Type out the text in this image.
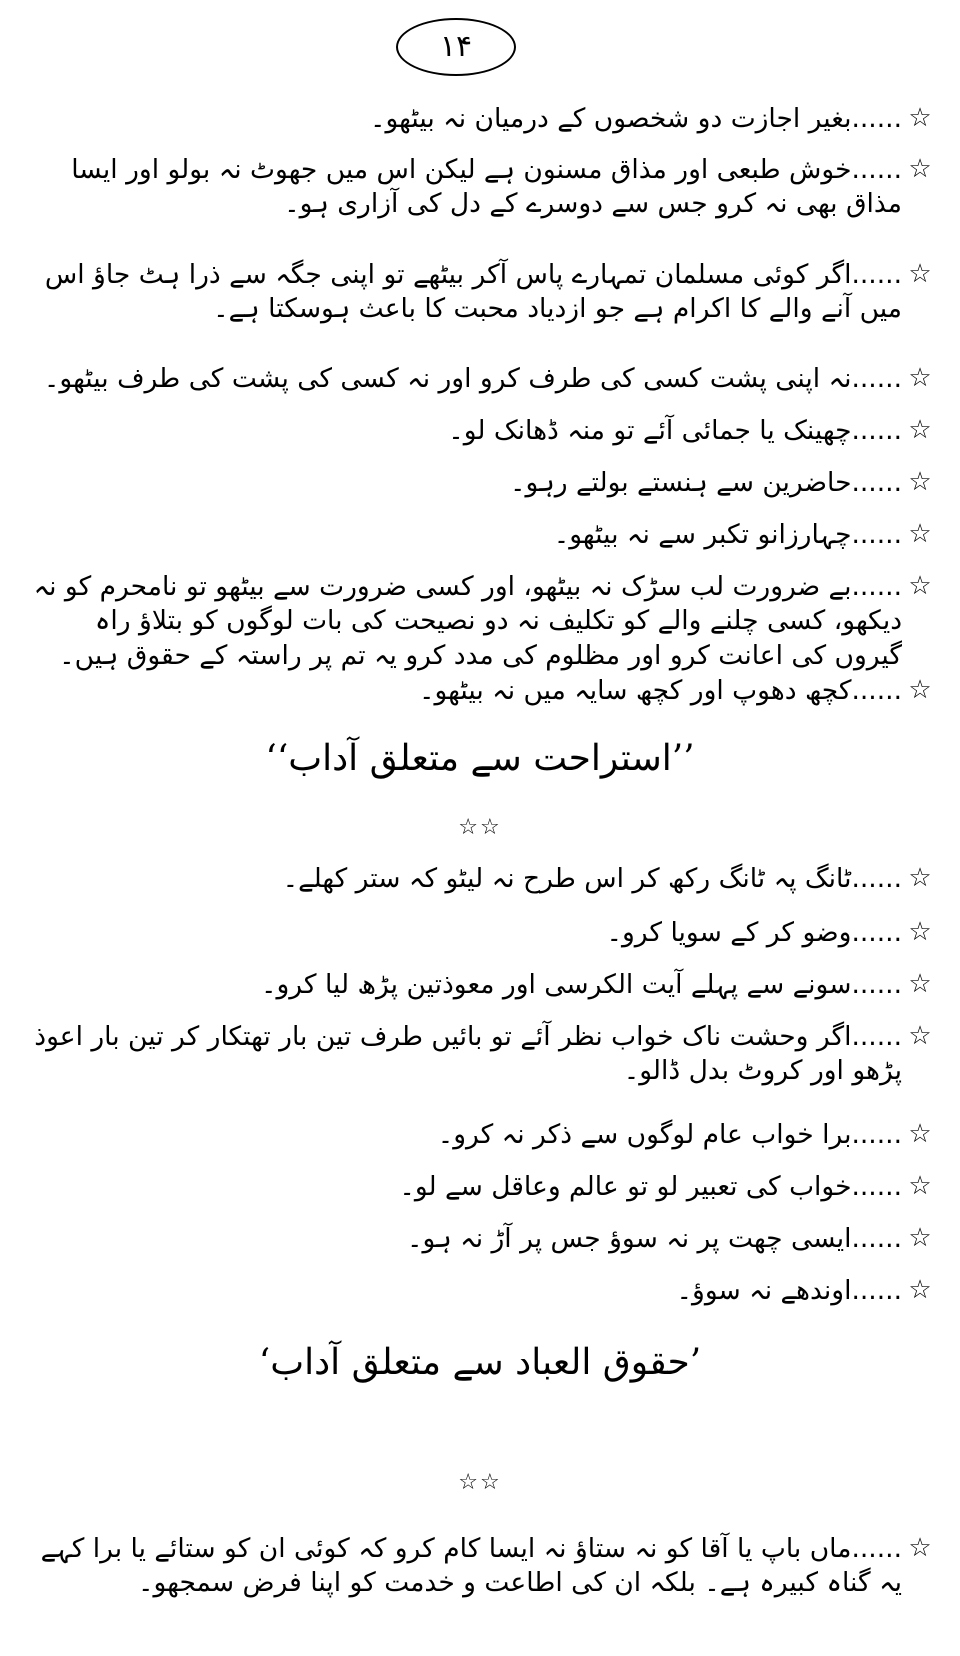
۱۴
☆
......بغیر اجازت دو شخصوں کے درمیان نہ بیٹھو۔
☆
......خوش طبعی اور مذاق مسنون ہے لیکن اس میں جھوٹ نہ بولو اور ایسا مذاق بھی نہ کرو جس سے دوسرے کے دل کی آزاری ہو۔
☆
......اگر کوئی مسلمان تمہارے پاس آکر بیٹھے تو اپنی جگہ سے ذرا ہٹ جاؤ اس میں آنے والے کا اکرام ہے جو ازدیاد محبت کا باعث ہوسکتا ہے۔
☆
......نہ اپنی پشت کسی کی طرف کرو اور نہ کسی کی پشت کی طرف بیٹھو۔
☆
......چھینک یا جمائی آئے تو منہ ڈھانک لو۔
☆
......حاضرین سے ہنستے بولتے رہو۔
☆
......چہارزانو تکبر سے نہ بیٹھو۔
☆
......بے ضرورت لب سڑک نہ بیٹھو، اور کسی ضرورت سے بیٹھو تو نامحرم کو نہ دیکھو، کسی چلنے والے کو تکلیف نہ دو نصیحت کی بات لوگوں کو بتلاؤ راہ گیروں کی اعانت کرو اور مظلوم کی مدد کرو یہ تم پر راستہ کے حقوق ہیں۔
☆
......کچھ دھوپ اور کچھ سایہ میں نہ بیٹھو۔
’’استراحت سے متعلق آداب‘‘
☆☆
☆
......ٹانگ پہ ٹانگ رکھ کر اس طرح نہ لیٹو کہ ستر کھلے۔
☆
......وضو کر کے سویا کرو۔
☆
......سونے سے پہلے آیت الکرسی اور معوذتین پڑھ لیا کرو۔
☆
......اگر وحشت ناک خواب نظر آئے تو بائیں طرف تین بار تھتکار کر تین بار اعوذ پڑھو اور کروٹ بدل ڈالو۔
☆
......برا خواب عام لوگوں سے ذکر نہ کرو۔
☆
......خواب کی تعبیر لو تو عالم وعاقل سے لو۔
☆
......ایسی چھت پر نہ سوؤ جس پر آڑ نہ ہو۔
☆
......اوندھے نہ سوؤ۔
’حقوق العباد سے متعلق آداب‘
☆☆
☆
......ماں باپ یا آقا کو نہ ستاؤ نہ ایسا کام کرو کہ کوئی ان کو ستائے یا برا کہے یہ گناہ کبیرہ ہے۔ بلکہ ان کی اطاعت و خدمت کو اپنا فرض سمجھو۔
